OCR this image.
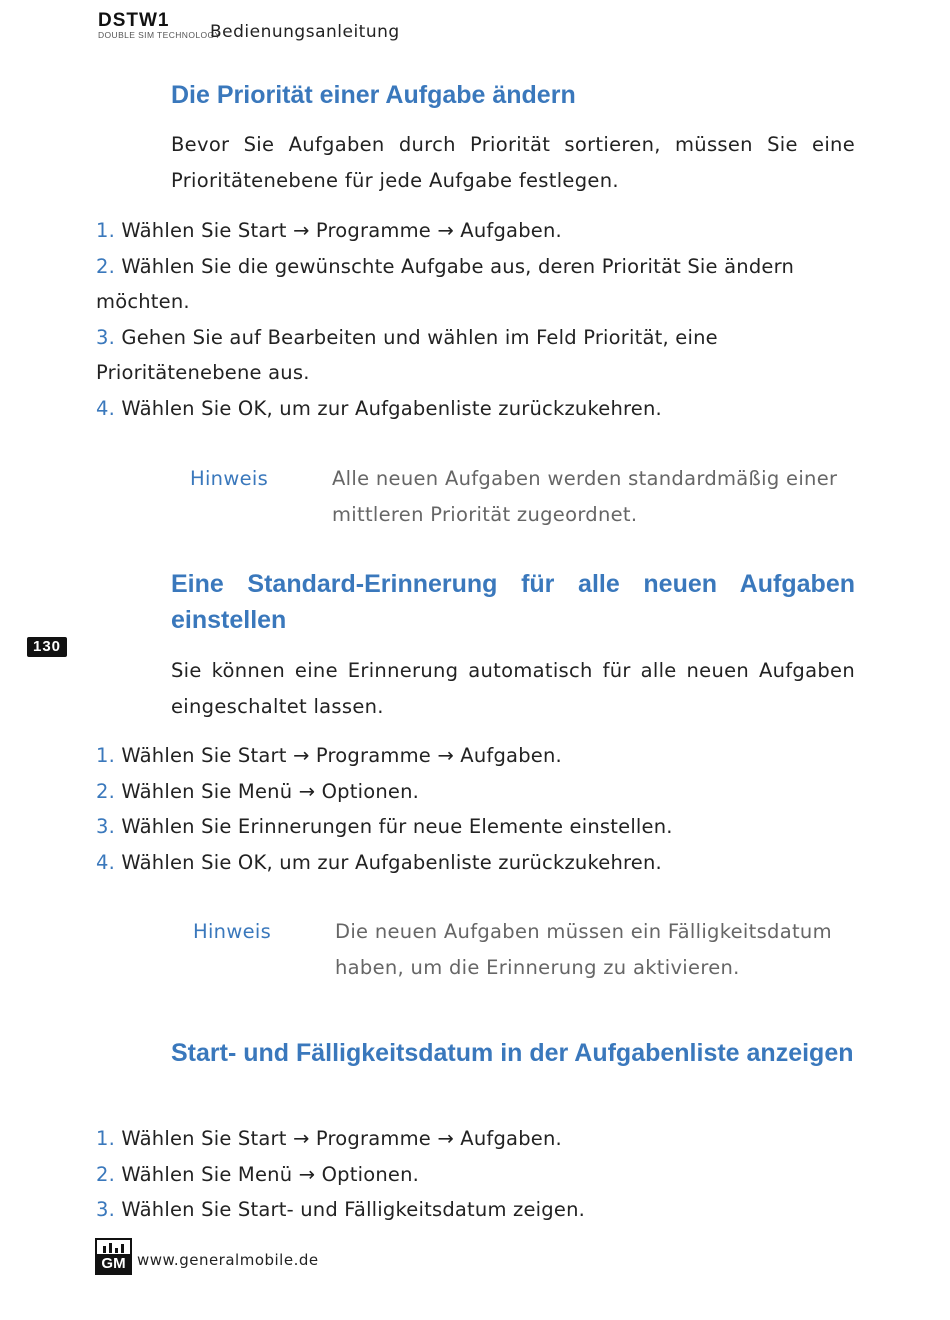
DSTW1
DOUBLE SIM TECHNOLOGY
Bedienungsanleitung
130
Die Priorität einer Aufgabe ändern

Bevor Sie Aufgaben durch Priorität sortieren, müssen Sie eine Prioritätenebene für jede Aufgabe festlegen.

1. Wählen Sie Start → Programme → Aufgaben.
2. Wählen Sie die gewünschte Aufgabe aus, deren Priorität Sie ändern möchten.
3. Gehen Sie auf Bearbeiten und wählen im Feld Priorität, eine Prioritätenebene aus.
4. Wählen Sie OK, um zur Aufgabenliste zurückzukehren.
Hinweis	Alle neuen Aufgaben werden standardmäßig einer mittleren Priorität zugeordnet.
Eine Standard-Erinnerung für alle neuen Aufgaben einstellen

Sie können eine Erinnerung automatisch für alle neuen Aufgaben eingeschaltet lassen.

1. Wählen Sie Start → Programme → Aufgaben.
2. Wählen Sie Menü → Optionen.
3. Wählen Sie Erinnerungen für neue Elemente einstellen.
4. Wählen Sie OK, um zur Aufgabenliste zurückzukehren.
Hinweis	Die neuen Aufgaben müssen ein Fälligkeitsdatum haben, um die Erinnerung zu aktivieren.
Start- und Fälligkeitsdatum in der Aufgabenliste anzeigen
1. Wählen Sie Start → Programme → Aufgaben.
2. Wählen Sie Menü → Optionen.
3. Wählen Sie Start- und Fälligkeitsdatum zeigen.
GM www.generalmobile.de
